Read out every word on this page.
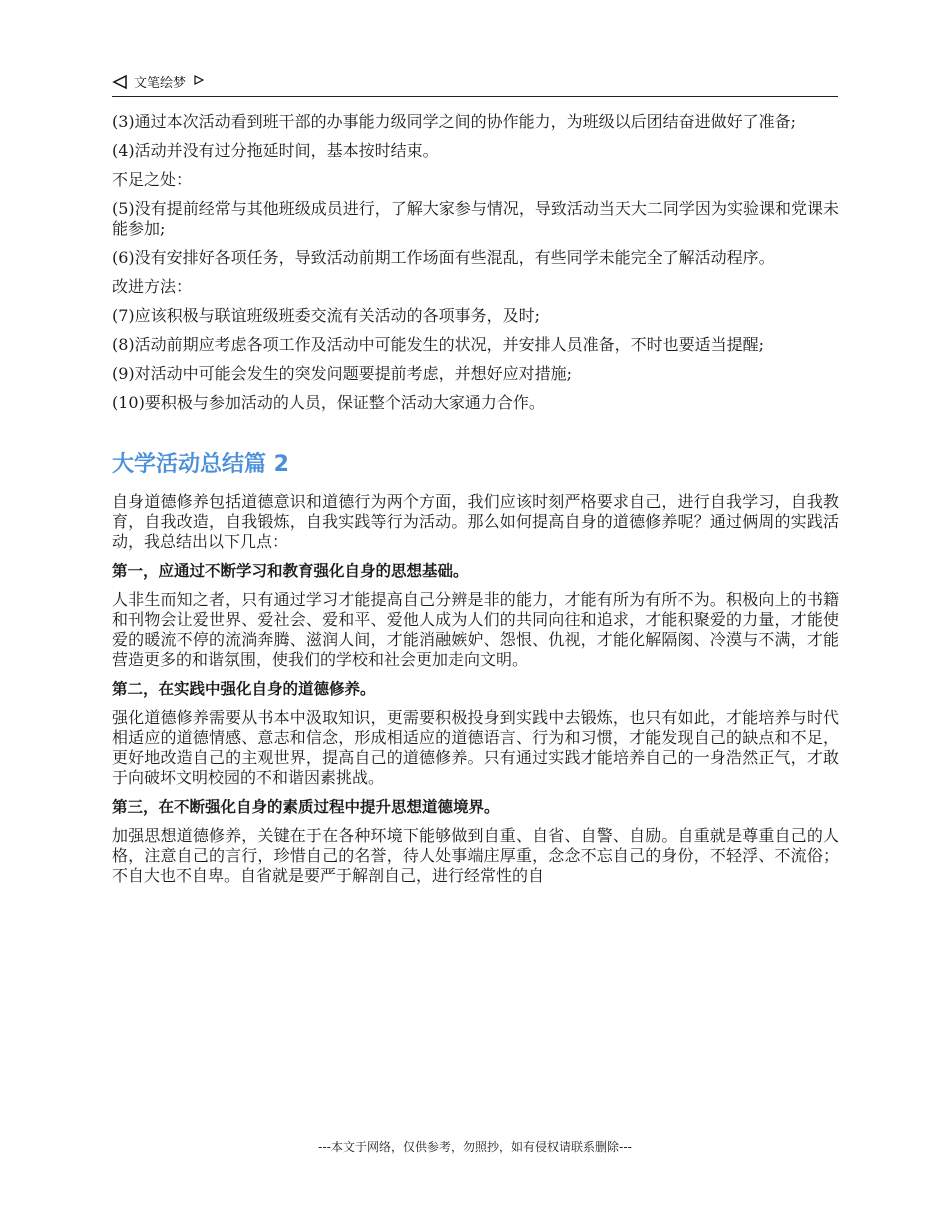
文笔绘梦

(3)通过本次活动看到班干部的办事能力级同学之间的协作能力，为班级以后团结奋进做好了准备;

(4)活动并没有过分拖延时间，基本按时结束。

不足之处：

(5)没有提前经常与其他班级成员进行，了解大家参与情况，导致活动当天大二同学因为实验课和党课未能参加;

(6)没有安排好各项任务，导致活动前期工作场面有些混乱，有些同学未能完全了解活动程序。

改进方法：

(7)应该积极与联谊班级班委交流有关活动的各项事务，及时;

(8)活动前期应考虑各项工作及活动中可能发生的状况，并安排人员准备，不时也要适当提醒;

(9)对活动中可能会发生的突发问题要提前考虑，并想好应对措施;

(10)要积极与参加活动的人员，保证整个活动大家通力合作。

大学活动总结篇 2

自身道德修养包括道德意识和道德行为两个方面，我们应该时刻严格要求自己，进行自我学习，自我教育，自我改造，自我锻炼，自我实践等行为活动。那么如何提高自身的道德修养呢？通过俩周的实践活动，我总结出以下几点：

第一，应通过不断学习和教育强化自身的思想基础。

人非生而知之者，只有通过学习才能提高自己分辨是非的能力，才能有所为有所不为。积极向上的书籍和刊物会让爱世界、爱社会、爱和平、爱他人成为人们的共同向往和追求，才能积聚爱的力量，才能使爱的暖流不停的流淌奔腾、滋润人间，才能消融嫉妒、怨恨、仇视，才能化解隔阂、冷漠与不满，才能营造更多的和谐氛围，使我们的学校和社会更加走向文明。

第二，在实践中强化自身的道德修养。

强化道德修养需要从书本中汲取知识，更需要积极投身到实践中去锻炼，也只有如此，才能培养与时代相适应的道德情感、意志和信念，形成相适应的道德语言、行为和习惯，才能发现自己的缺点和不足，更好地改造自己的主观世界，提高自己的道德修养。只有通过实践才能培养自己的一身浩然正气，才敢于向破坏文明校园的不和谐因素挑战。

第三，在不断强化自身的素质过程中提升思想道德境界。

加强思想道德修养，关键在于在各种环境下能够做到自重、自省、自警、自励。自重就是尊重自己的人格，注意自己的言行，珍惜自己的名誉，待人处事端庄厚重，念念不忘自己的身份，不轻浮、不流俗；不自大也不自卑。自省就是要严于解剖自己，进行经常性的自

---本文于网络，仅供参考，勿照抄，如有侵权请联系删除---
